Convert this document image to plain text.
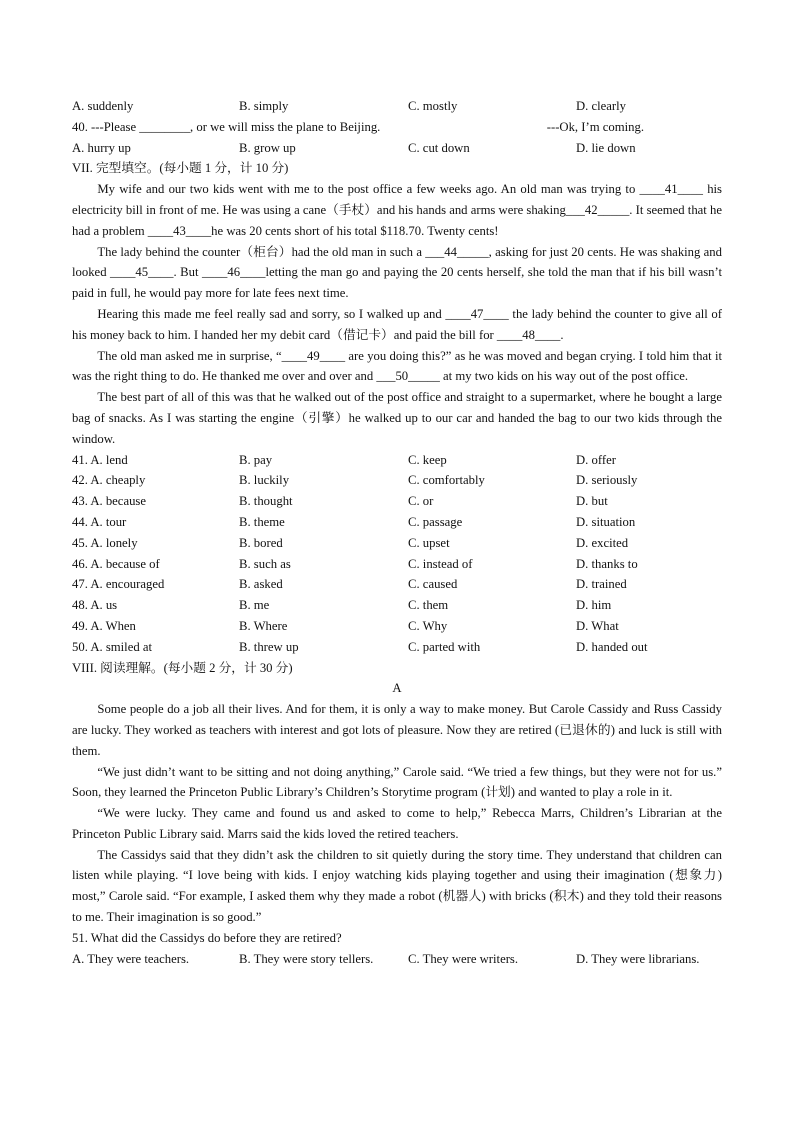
A. suddenly	B. simply	C. mostly	D. clearly
40. ---Please ________, or we will miss the plane to Beijing.	---Ok, I’m coming.
A. hurry up	B. grow up	C. cut down	D. lie down
VII. 完型填空。(每小题 1 分，计 10 分)
My wife and our two kids went with me to the post office a few weeks ago. An old man was trying to ____41____ his electricity bill in front of me. He was using a cane（手杖）and his hands and arms were shaking___42_____. It seemed that he had a problem ____43____he was 20 cents short of his total $118.70. Twenty cents!
The lady behind the counter（柜台）had the old man in such a ___44_____, asking for just 20 cents. He was shaking and looked ____45____. But ____46____letting the man go and paying the 20 cents herself, she told the man that if his bill wasn’t paid in full, he would pay more for late fees next time.
Hearing this made me feel really sad and sorry, so I walked up and ____47____ the lady behind the counter to give all of his money back to him. I handed her my debit card（借记卡）and paid the bill for ____48____.
The old man asked me in surprise, “____49____ are you doing this?” as he was moved and began crying. I told him that it was the right thing to do. He thanked me over and over and ___50_____ at my two kids on his way out of the post office.
The best part of all of this was that he walked out of the post office and straight to a supermarket, where he bought a large bag of snacks. As I was starting the engine（引擎）he walked up to our car and handed the bag to our two kids through the window.
41. A. lend	B. pay	C. keep	D. offer
42. A. cheaply	B. luckily	C. comfortably	D. seriously
43. A. because	B. thought	C. or	D. but
44. A. tour	B. theme	C. passage	D. situation
45. A. lonely	B. bored	C. upset	D. excited
46. A. because of	B. such as	C. instead of	D. thanks to
47. A. encouraged	B. asked	C. caused	D. trained
48. A. us	B. me	C. them	D. him
49. A. When	B. Where	C. Why	D. What
50. A. smiled at	B. threw up	C. parted with	D. handed out
VIII. 阅读理解。(每小题 2 分，计 30 分)
A
Some people do a job all their lives. And for them, it is only a way to make money. But Carole Cassidy and Russ Cassidy are lucky. They worked as teachers with interest and got lots of pleasure. Now they are retired (已退休的) and luck is still with them.
“We just didn’t want to be sitting and not doing anything,” Carole said. “We tried a few things, but they were not for us.” Soon, they learned the Princeton Public Library’s Children’s Storytime program (计划) and wanted to play a role in it.
“We were lucky. They came and found us and asked to come to help,” Rebecca Marrs, Children’s Librarian at the Princeton Public Library said. Marrs said the kids loved the retired teachers.
The Cassidys said that they didn’t ask the children to sit quietly during the story time. They understand that children can listen while playing. “I love being with kids. I enjoy watching kids playing together and using their imagination (想象力) most,” Carole said. “For example, I asked them why they made a robot (机器人) with bricks (积木) and they told their reasons to me. Their imagination is so good.”
51. What did the Cassidys do before they are retired?
A. They were teachers.	B. They were story tellers.	C. They were writers.	D. They were librarians.
